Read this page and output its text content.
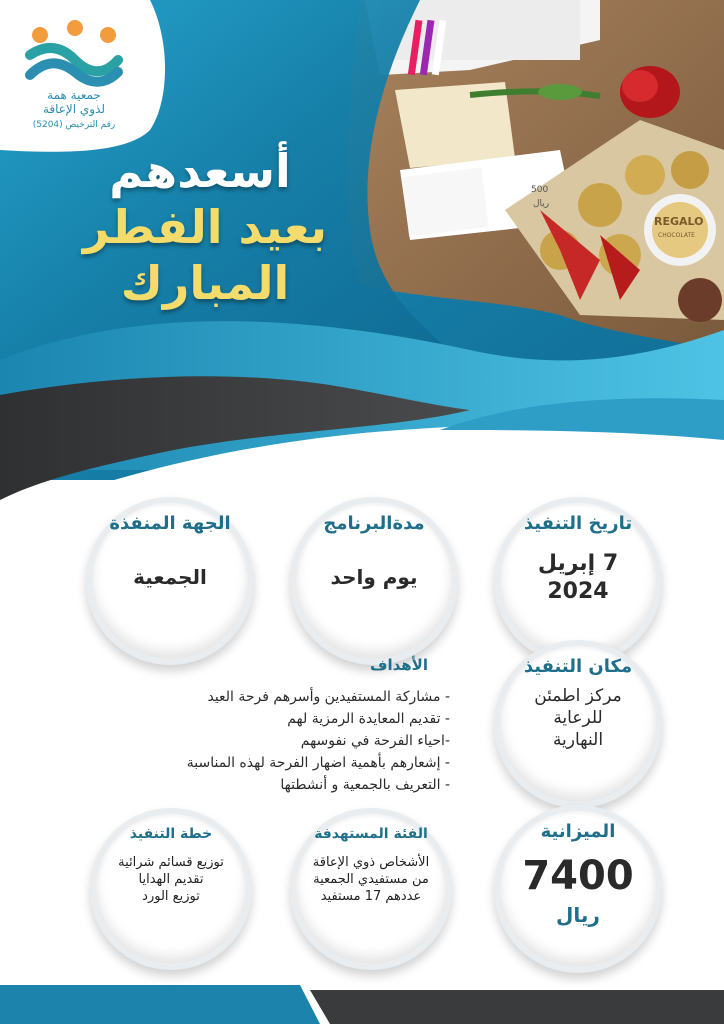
500
ريال
REGALO
CHOCOLATE
جمعية همة
لذوي الإعاقة
رقم الترخيص (5204)
أسعدهم
بعيد الفطر
المبارك
تاريخ التنفيذ
7 إبريل
2024
مدةالبرنامج
يوم واحد
الجهة المنفذة
الجمعية
مكان التنفيذ
مركز اطمئن
للرعاية
النهارية
الأهداف
- مشاركة المستفيدين وأسرهم فرحة العيد
- تقديم المعايدة الرمزية لهم
-احياء الفرحة في نفوسهم
- إشعارهم بأهمية اضهار الفرحة لهذه المناسبة
- التعريف بالجمعية و أنشطتها
الميزانية
7400
ريال
الفئة المستهدفة
الأشخاص ذوي الإعاقة
من مستفيدي الجمعية
عددهم 17 مستفيد
خطة التنفيذ
توزيع قسائم شرائية
تقديم الهدايا
توزيع الورد
